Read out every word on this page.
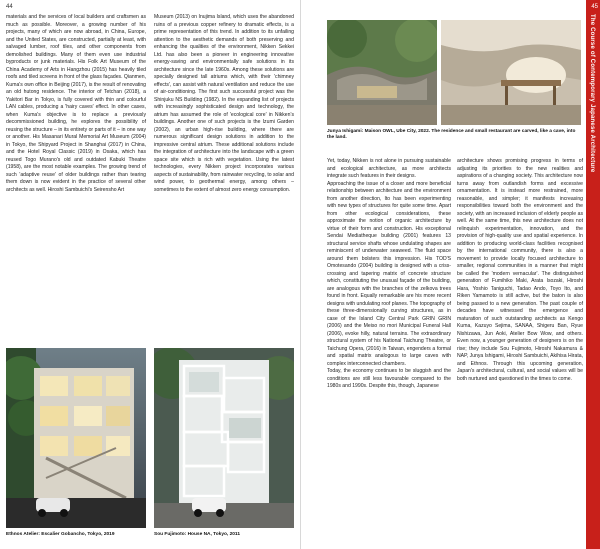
44

materials and the services of local builders and craftsmen as much as possible. Moreover, a growing number of his projects, many of which are now abroad, in China, Europe, and the United States, are constructed, partially at least, with salvaged lumber, roof tiles, and other components from demolished buildings. Many of them even use industrial byproducts or junk materials. His Folk Art Museum of the China Academy of Arts in Hangzhou (2015) has heavily tiled roofs and tiled screens in front of the glass façades. Qianmen, Kuma's own office in Beijing (2017), is the result of renovating an old hutong residence. The interior of Tetchan (2018), a Yakitori Bar in Tokyo, is fully covered with thin and colourful LAN cables, producing a 'hairy caves' effect. In other cases, when Kuma's objective is to replace a previously decommissioned building, he explores the possibility of reusing the structure – in its entirety or parts of it – in one way or another. His Masanari Mural Memorial Art Museum (2004) in Tokyo, the Shipyard Project in Shanghai (2017) in China, and the Hotel Royal Classic (2019) in Osaka, which has reused Togo Murano's old and outdated Kabuki Theatre (1958), are the most notable examples. The growing trend of such 'adaptive reuse' of older buildings rather than tearing them down is now evident in the practice of several other architects as well. Hiroshi Sambuichi's Seirensho Art

Museum (2013) on Inujima Island, which uses the abandoned ruins of a previous copper refinery to dramatic effects, is a prime representation of this trend. In addition to its unfailing attention to the aesthetic demands of both preserving and enhancing the qualities of the environment, Nikken Sekkei Ltd. has also been a pioneer in engineering innovative energy-saving and environmentally safe solutions in its architecture since the late 1960s. Among these solutions are specially designed tall atriums which, with their 'chimney effects', can assist with natural ventilation and reduce the use of air-conditioning. The first such successful project was the Shinjuku NS Building (1982). In the expanding list of projects with increasingly sophisticated design and technology, the atrium has assumed the role of 'ecological core' in Nikken's buildings. Another one of such projects is the Izumi Garden (2002), an urban high-rise building, where there are numerous significant design solutions in addition to the impressive central atrium. These additional solutions include the integration of architecture into the landscape with a green space site which is rich with vegetation. Using the latest technologies, every Nikken project incorporates various aspects of sustainability, from rainwater recycling, to solar and wind power, to geothermal energy, among others – sometimes to the extent of almost zero energy consumption.

Ethnos Atelier: Escalier Gobancho, Tokyo, 2019	Sou Fujimoto: House NA, Tokyo, 2011
Junya Ishigami: Maison OWL, Ube City, 2022. The residence and small restaurant are carved, like a cave, into the land.

Yet, today, Nikken is not alone in pursuing sustainable and ecological architecture, as more architects integrate such features in their designs.

Approaching the issue of a closer and more beneficial relationship between architecture and the environment from another direction, Ito has been experimenting with new types of structures for quite some time. Apart from other ecological considerations, these approximate the notion of organic architecture by virtue of their form and construction. His exceptional Sendai Mediatheque building (2001) features 13 structural service shafts whose undulating shapes are reminiscent of underwater seaweed. The fluid space around them bolsters this impression. His TOD'S Omotesando (2004) building is designed with a criss-crossing and tapering matrix of concrete structure which, constituting the unusual façade of the building, are analogous with the branches of the zelkova trees found in front. Equally remarkable are his more recent designs with undulating roof planes. The topography of these three-dimensionally curving structures, as in case of the Island City Central Park GRIN GRIN (2006) and the Meiso no mori Municipal Funeral Hall (2006), evoke hilly, natural terrains. The extraordinary structural system of his National Taichung Theatre, or Taichung Opera, (2016) in Taiwan, engenders a formal and spatial matrix analogous to large caves with complex interconnected chambers.

Today, the economy continues to be sluggish and the conditions are still less favourable compared to the 1980s and 1990s. Despite this, though, Japanese

architecture shows promising progress in terms of adjusting its priorities to the new realities and aspirations of a changing society. This architecture now turns away from outlandish forms and excessive ornamentation. It is instead more restrained, more reasonable, and simpler; it manifests increasing responsibilities toward both the environment and the society, with an increased inclusion of elderly people as well. At the same time, this new architecture does not relinquish experimentation, innovation, and the provision of high-quality use and spatial experience. In addition to producing world-class facilities recognised by the international community, there is also a movement to provide locally focused architecture to smaller, regional communities in a manner that might be called the 'modern vernacular'. The distinguished generation of Fumihiko Maki, Arata Isozaki, Hiroshi Hara, Yoshio Taniguchi, Tadao Ando, Toyo Ito, and Riken Yamamoto is still active, but the baton is also being passed to a new generation. The past couple of decades have witnessed the emergence and maturation of such outstanding architects as Kengo Kuma, Kazuyo Sejima, SANAA, Shigeru Ban, Ryue Nishizawa, Jun Aoki, Atelier Bow Wow, and others. Even now, a younger generation of designers is on the rise; they include Sou Fujimoto, Hiroshi Nakamura & NAP, Junya Ishigami, Hiroshi Sambuichi, Akihisa Hirata, and Ethnos. Through this upcoming generation, Japan's architectural, cultural, and social values will be both nurtured and questioned in the times to come.

45
The Course of Contemporary Japanese Architecture
